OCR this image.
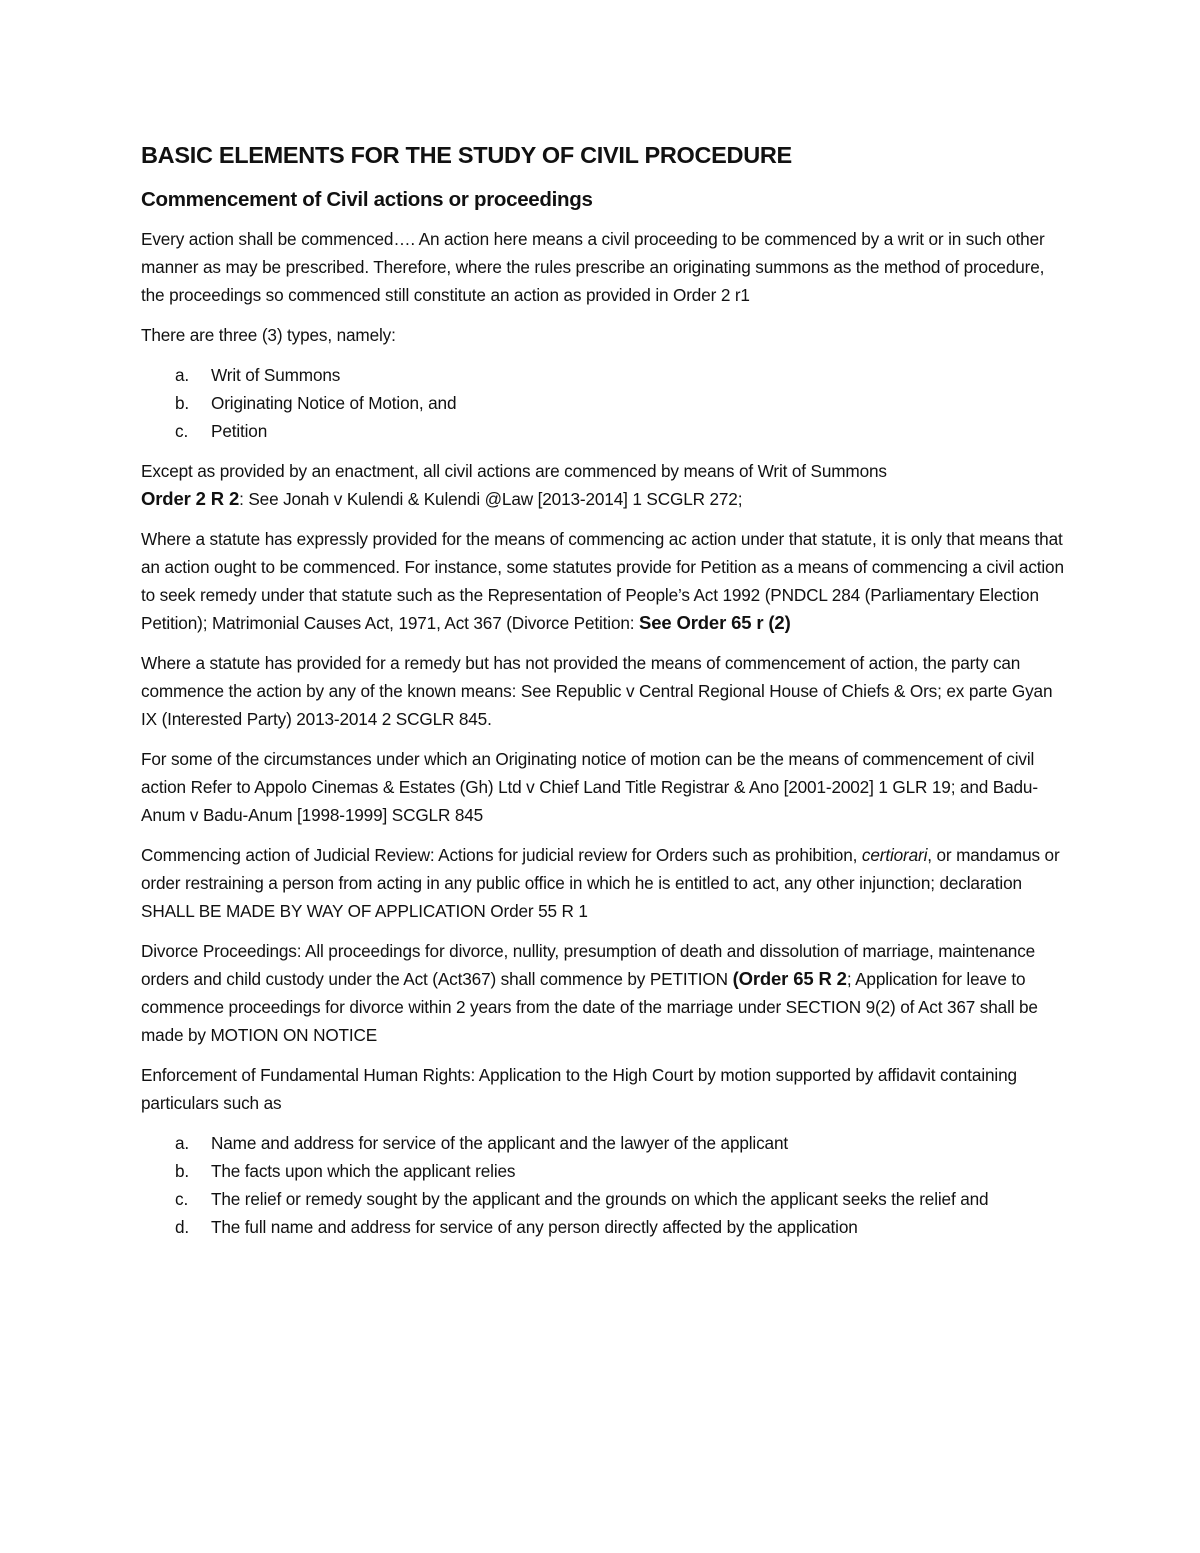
BASIC ELEMENTS FOR THE STUDY OF CIVIL PROCEDURE
Commencement of Civil actions or proceedings

Every action shall be commenced…. An action here means a civil proceeding to be commenced by a writ or in such other manner as may be prescribed. Therefore, where the rules prescribe an originating summons as the method of procedure, the proceedings so commenced still constitute an action as provided in Order 2 r1

There are three (3) types, namely:

a. Writ of Summons
b. Originating Notice of Motion, and
c. Petition

Except as provided by an enactment, all civil actions are commenced by means of Writ of Summons
Order 2 R 2: See Jonah v Kulendi & Kulendi @Law [2013-2014] 1 SCGLR 272;

Where a statute has expressly provided for the means of commencing ac action under that statute, it is only that means that an action ought to be commenced. For instance, some statutes provide for Petition as a means of commencing a civil action to seek remedy under that statute such as the Representation of People’s Act 1992 (PNDCL 284 (Parliamentary Election Petition); Matrimonial Causes Act, 1971, Act 367 (Divorce Petition: See Order 65 r (2)

Where a statute has provided for a remedy but has not provided the means of commencement of action, the party can commence the action by any of the known means: See Republic v Central Regional House of Chiefs & Ors; ex parte Gyan IX (Interested Party) 2013-2014 2 SCGLR 845.

For some of the circumstances under which an Originating notice of motion can be the means of commencement of civil action Refer to Appolo Cinemas & Estates (Gh) Ltd v Chief Land Title Registrar & Ano [2001-2002] 1 GLR 19; and Badu-Anum v Badu-Anum [1998-1999] SCGLR 845

Commencing action of Judicial Review: Actions for judicial review for Orders such as prohibition, certiorari, or mandamus or order restraining a person from acting in any public office in which he is entitled to act, any other injunction; declaration SHALL BE MADE BY WAY OF APPLICATION Order 55 R 1

Divorce Proceedings: All proceedings for divorce, nullity, presumption of death and dissolution of marriage, maintenance orders and child custody under the Act (Act367) shall commence by PETITION (Order 65 R 2; Application for leave to commence proceedings for divorce within 2 years from the date of the marriage under SECTION 9(2) of Act 367 shall be made by MOTION ON NOTICE

Enforcement of Fundamental Human Rights: Application to the High Court by motion supported by affidavit containing particulars such as

a. Name and address for service of the applicant and the lawyer of the applicant
b. The facts upon which the applicant relies
c. The relief or remedy sought by the applicant and the grounds on which the applicant seeks the relief and
d. The full name and address for service of any person directly affected by the application
